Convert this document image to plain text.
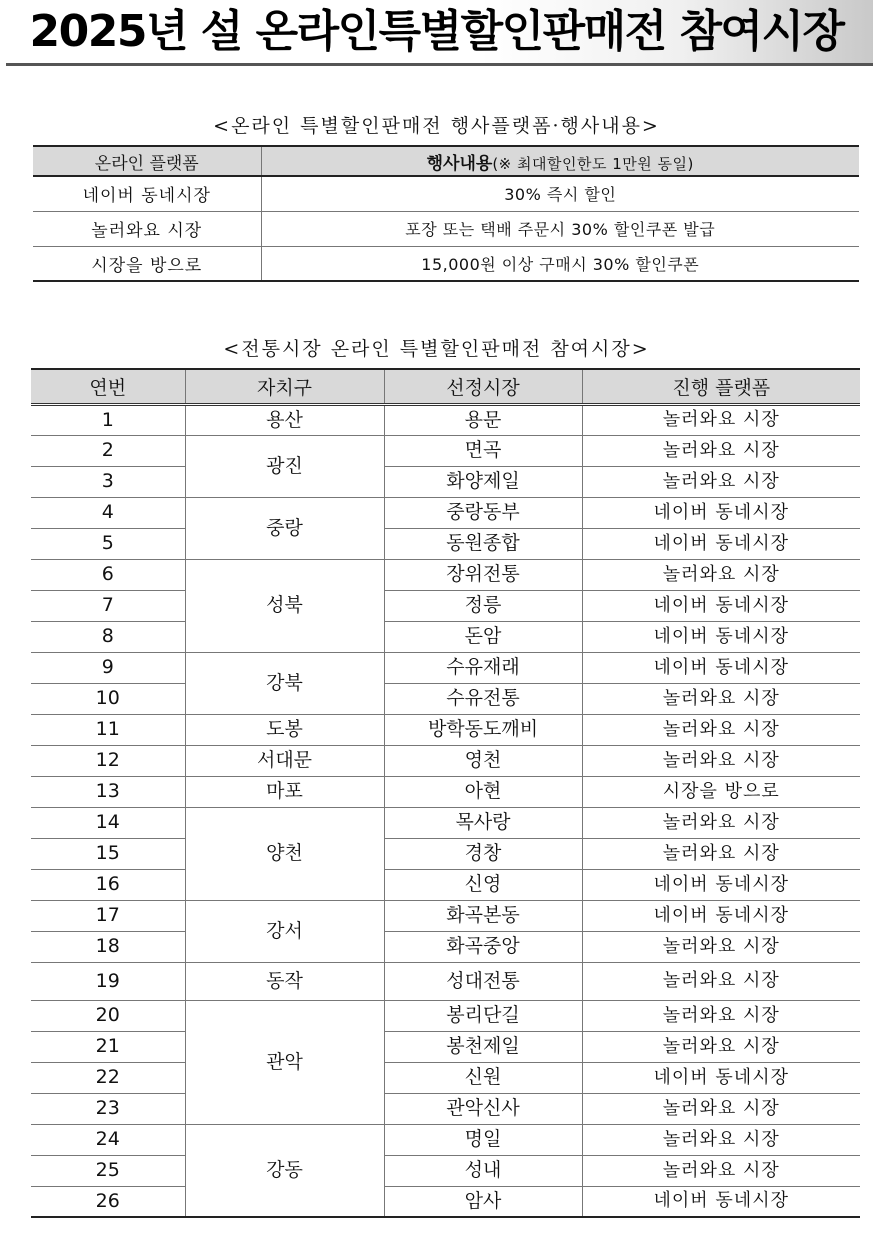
2025년 설 온라인특별할인판매전 참여시장
<온라인 특별할인판매전 행사플랫폼·행사내용>
온라인 플랫폼	행사내용(※ 최대할인한도 1만원 동일)
네이버 동네시장	30% 즉시 할인
놀러와요 시장	포장 또는 택배 주문시 30% 할인쿠폰 발급
시장을 방으로	15,000원 이상 구매시 30% 할인쿠폰
<전통시장 온라인 특별할인판매전 참여시장>
연번	자치구	선정시장	진행 플랫폼
1	용산	용문	놀러와요 시장
2	광진	면곡	놀러와요 시장
3		화양제일	놀러와요 시장
4	중랑	중랑동부	네이버 동네시장
5		동원종합	네이버 동네시장
6	성북	장위전통	놀러와요 시장
7		정릉	네이버 동네시장
8		돈암	네이버 동네시장
9	강북	수유재래	네이버 동네시장
10		수유전통	놀러와요 시장
11	도봉	방학동도깨비	놀러와요 시장
12	서대문	영천	놀러와요 시장
13	마포	아현	시장을 방으로
14	양천	목사랑	놀러와요 시장
15		경창	놀러와요 시장
16		신영	네이버 동네시장
17	강서	화곡본동	네이버 동네시장
18		화곡중앙	놀러와요 시장
19	동작	성대전통	놀러와요 시장
20	관악	봉리단길	놀러와요 시장
21		봉천제일	놀러와요 시장
22		신원	네이버 동네시장
23		관악신사	놀러와요 시장
24	강동	명일	놀러와요 시장
25		성내	놀러와요 시장
26		암사	네이버 동네시장
